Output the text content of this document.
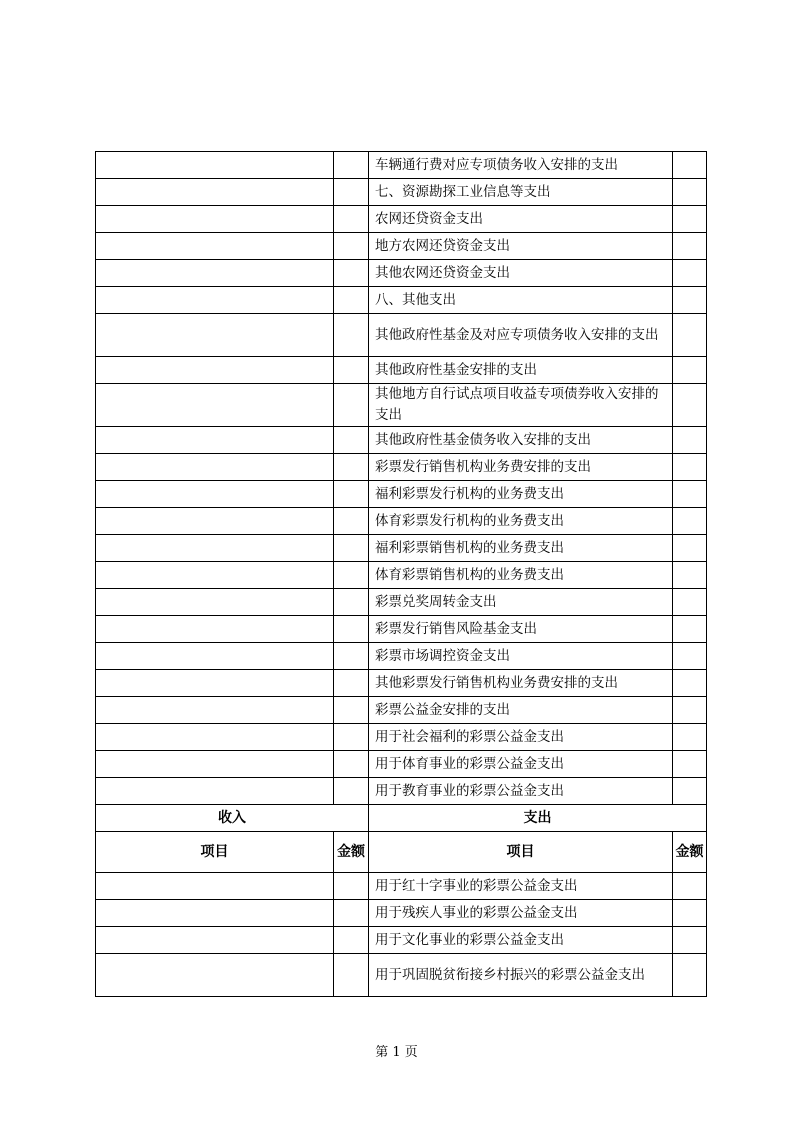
		车辆通行费对应专项债务收入安排的支出	
		七、资源勘探工业信息等支出	
		农网还贷资金支出	
		地方农网还贷资金支出	
		其他农网还贷资金支出	
		八、其他支出	
		其他政府性基金及对应专项债务收入安排的支出	
		其他政府性基金安排的支出	
		其他地方自行试点项目收益专项债券收入安排的支出	
		其他政府性基金债务收入安排的支出	
		彩票发行销售机构业务费安排的支出	
		福利彩票发行机构的业务费支出	
		体育彩票发行机构的业务费支出	
		福利彩票销售机构的业务费支出	
		体育彩票销售机构的业务费支出	
		彩票兑奖周转金支出	
		彩票发行销售风险基金支出	
		彩票市场调控资金支出	
		其他彩票发行销售机构业务费安排的支出	
		彩票公益金安排的支出	
		用于社会福利的彩票公益金支出	
		用于体育事业的彩票公益金支出	
		用于教育事业的彩票公益金支出	
收入		支出	
项目	金额	项目	金额
		用于红十字事业的彩票公益金支出	
		用于残疾人事业的彩票公益金支出	
		用于文化事业的彩票公益金支出	
		用于巩固脱贫衔接乡村振兴的彩票公益金支出	
第 1 页
